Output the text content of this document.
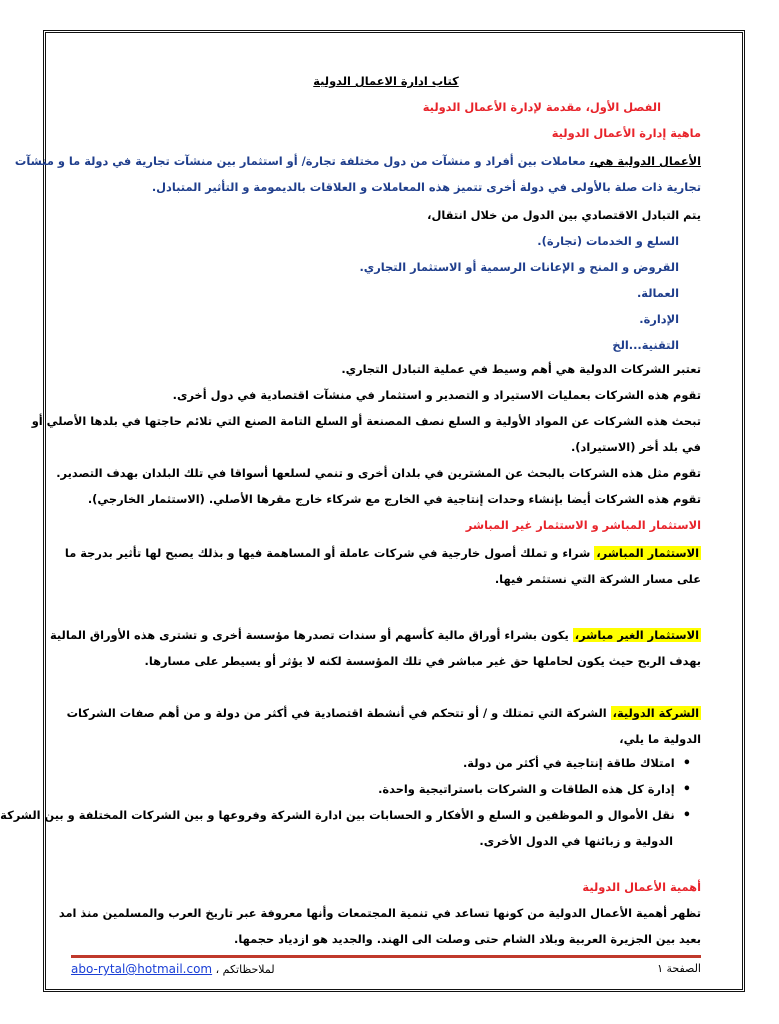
كتاب ادارة الاعمال الدولية
الفصل الأول، مقدمة لإدارة الأعمال الدولية
ماهية إدارة الأعمال الدولية
الأعمال الدولية هي، معاملات بين أفراد و منشآت من دول مختلفة تجارة/ أو استثمار بين منشآت تجارية في دولة ما و منشآت
تجارية ذات صلة بالأولى في دولة أخرى تتميز هذه المعاملات و العلاقات بالديمومة و التأثير المتبادل.
يتم التبادل الاقتصادي بين الدول من خلال انتقال،
السلع و الخدمات (تجارة).
القروض و المنح و الإعانات الرسمية أو الاستثمار التجاري.
العمالة.
الإدارة.
التقنية...الخ
تعتبر الشركات الدولية هي أهم وسيط في عملية التبادل التجاري.
تقوم هذه الشركات بعمليات الاستيراد و التصدير و استثمار في منشآت اقتصادية في دول أخرى.
تبحث هذه الشركات عن المواد الأولية و السلع نصف المصنعة أو السلع التامة الصنع التي تلائم حاجتها في بلدها الأصلي أو
في بلد أخر (الاستيراد).
تقوم مثل هذه الشركات بالبحث عن المشترين في بلدان أخرى و تنمي لسلعها أسواقا في تلك البلدان بهدف التصدير.
تقوم هذه الشركات أيضا بإنشاء وحدات إنتاجية في الخارج مع شركاء خارج مقرها الأصلي. (الاستثمار الخارجي).
الاستثمار المباشر و الاستثمار غير المباشر
الاستثمار المباشر، شراء و تملك أصول خارجية في شركات عاملة أو المساهمة فيها و بذلك يصبح لها تأثير بدرجة ما
على مسار الشركة التي نستثمر فيها.
الاستثمار الغير مباشر، يكون بشراء أوراق مالية كأسهم أو سندات تصدرها مؤسسة أخرى و تشترى هذه الأوراق المالية
بهدف الربح حيث يكون لحاملها حق غير مباشر في تلك المؤسسة لكنه لا يؤثر أو يسيطر على مسارها.
الشركة الدولية، الشركة التي تمتلك و / أو تتحكم في أنشطة اقتصادية في أكثر من دولة و من أهم صفات الشركات
الدولية ما يلي،
• امتلاك طاقة إنتاجية في أكثر من دولة.
• إدارة كل هذه الطاقات و الشركات باستراتيجية واحدة.
• نقل الأموال و الموظفين و السلع و الأفكار و الحسابات بين ادارة الشركة وفروعها و بين الشركات المختلفة و بين الشركة
الدولية و زبائنها في الدول الأخرى.
أهمية الأعمال الدولية
تظهر أهمية الأعمال الدولية من كونها تساعد في تنمية المجتمعات وأنها معروفة عبر تاريخ العرب والمسلمين منذ امد
بعيد بين الجزيرة العربية وبلاد الشام حتى وصلت الى الهند. والجديد هو ازدياد حجمها.
الصفحة ١
لملاحظاتكم ، abo-rytal@hotmail.com
